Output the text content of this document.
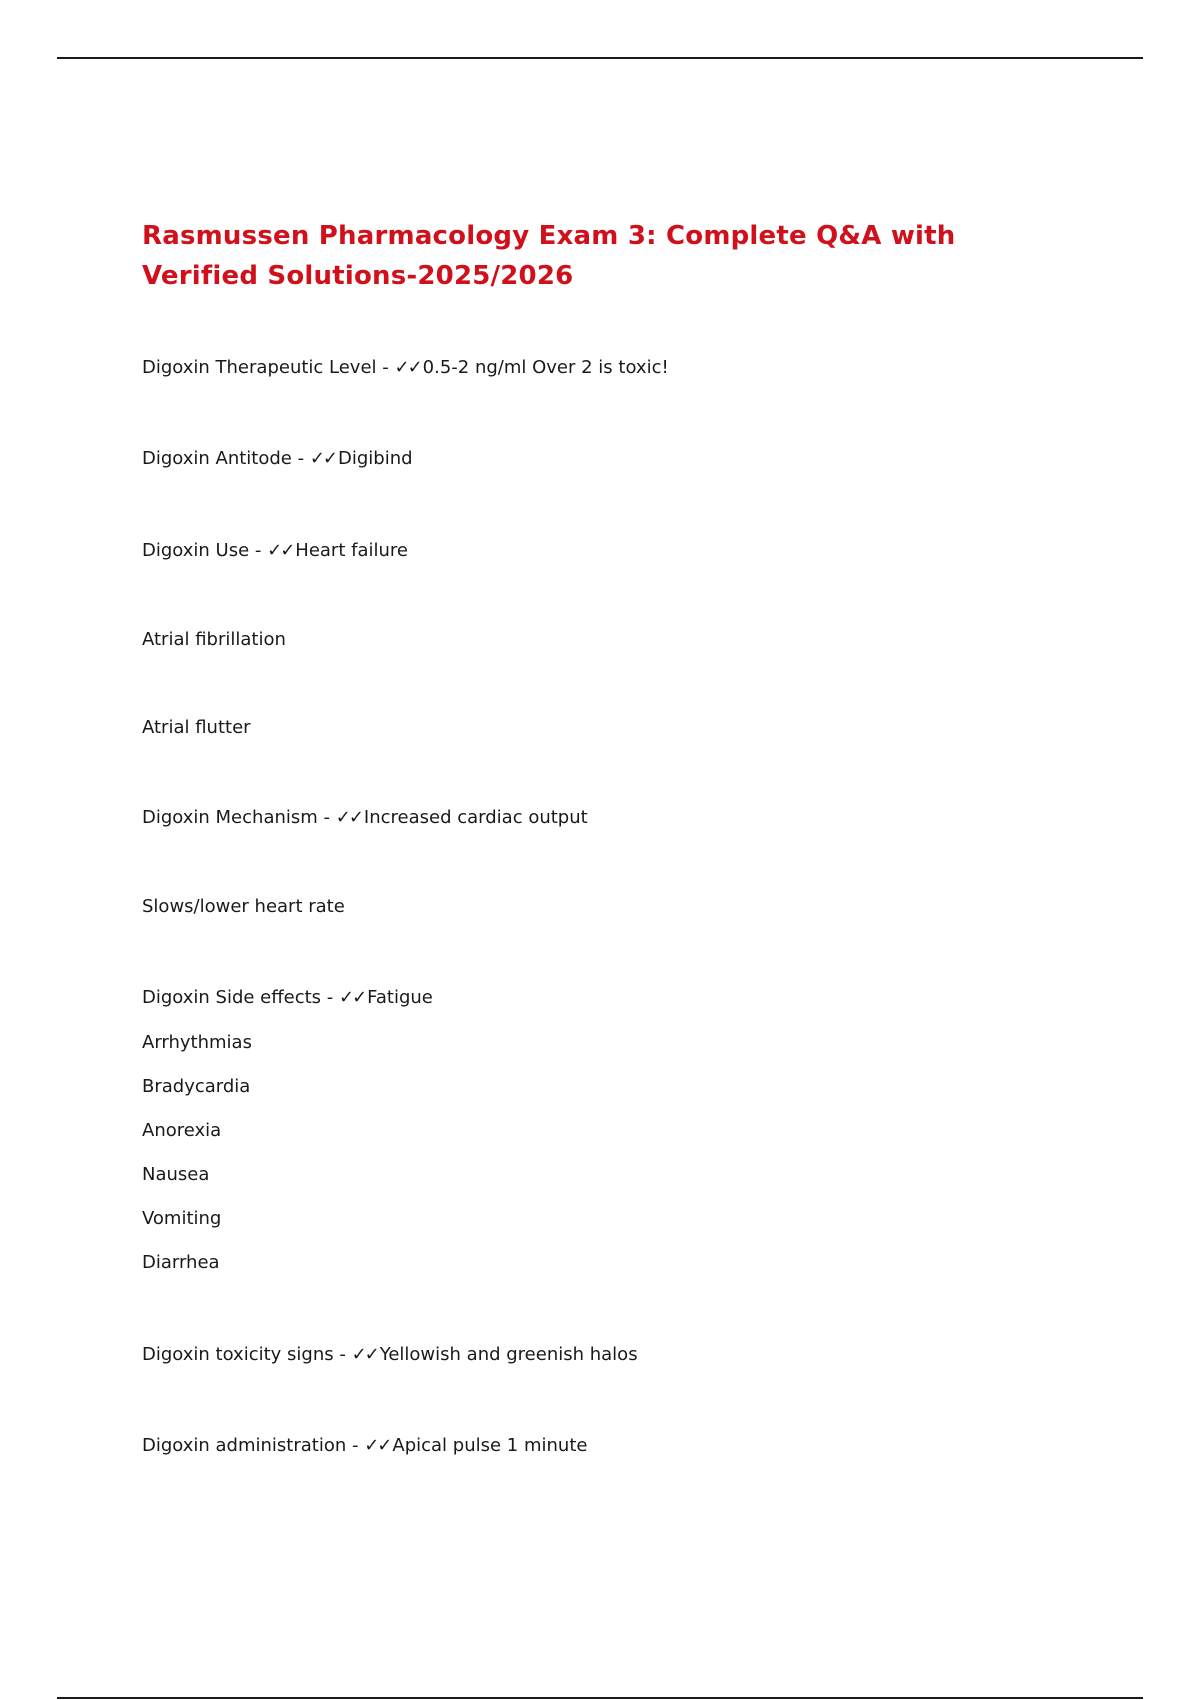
Rasmussen Pharmacology Exam 3: Complete Q&A with
Verified Solutions-2025/2026
Digoxin Therapeutic Level - ✓✓ 0.5-2 ng/ml Over 2 is toxic!
Digoxin Antitode - ✓✓ Digibind
Digoxin Use - ✓✓ Heart failure
Atrial fibrillation
Atrial flutter
Digoxin Mechanism - ✓✓ Increased cardiac output
Slows/lower heart rate
Digoxin Side effects - ✓✓ Fatigue
Arrhythmias
Bradycardia
Anorexia
Nausea
Vomiting
Diarrhea
Digoxin toxicity signs - ✓✓ Yellowish and greenish halos
Digoxin administration - ✓✓ Apical pulse 1 minute
